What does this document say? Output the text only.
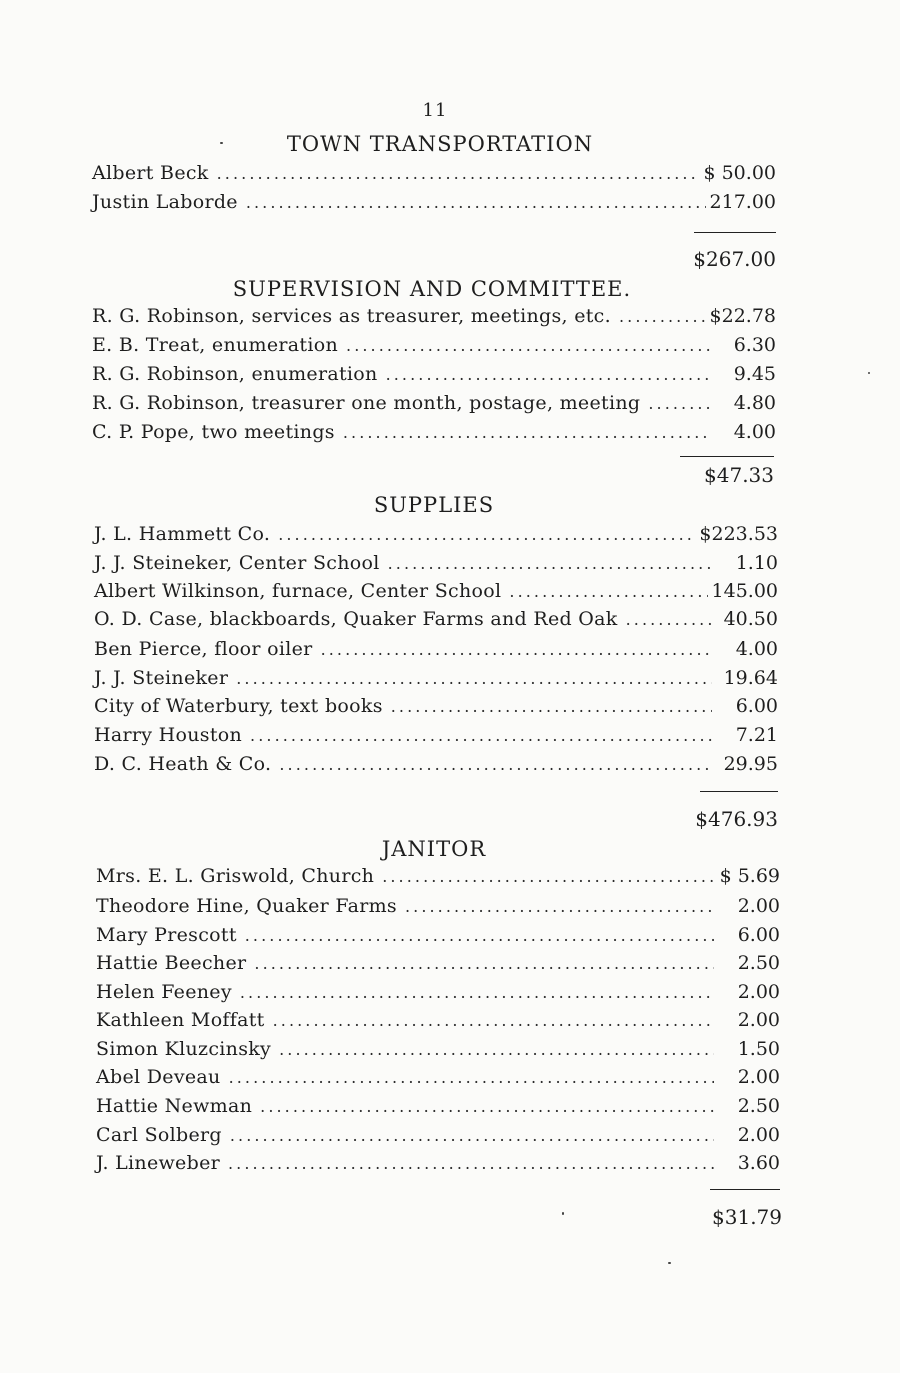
11
TOWN TRANSPORTATION
Albert Beck . . .	$ 50.00
Justin Laborde . . .	217.00
$267.00
SUPERVISION AND COMMITTEE.
R. G. Robinson, services as treasurer, meetings, etc. . . .	$22.78
E. B. Treat, enumeration . . .	6.30
R. G. Robinson, enumeration . . .	9.45
R. G. Robinson, treasurer one month, postage, meeting . . .	4.80
C. P. Pope, two meetings . . .	4.00
$47.33
SUPPLIES
J. L. Hammett Co. . . .	$223.53
J. J. Steineker, Center School . . .	1.10
Albert Wilkinson, furnace, Center School . . .	145.00
O. D. Case, blackboards, Quaker Farms and Red Oak . . .	40.50
Ben Pierce, floor oiler . . .	4.00
J. J. Steineker . . .	19.64
City of Waterbury, text books . . .	6.00
Harry Houston . . .	7.21
D. C. Heath & Co. . . .	29.95
$476.93
JANITOR
Mrs. E. L. Griswold, Church . . .	$ 5.69
Theodore Hine, Quaker Farms . . .	2.00
Mary Prescott . . .	6.00
Hattie Beecher . . .	2.50
Helen Feeney . . .	2.00
Kathleen Moffatt . . .	2.00
Simon Kluzcinsky . . .	1.50
Abel Deveau . . .	2.00
Hattie Newman . . .	2.50
Carl Solberg . . .	2.00
J. Lineweber . . .	3.60
$31.79
